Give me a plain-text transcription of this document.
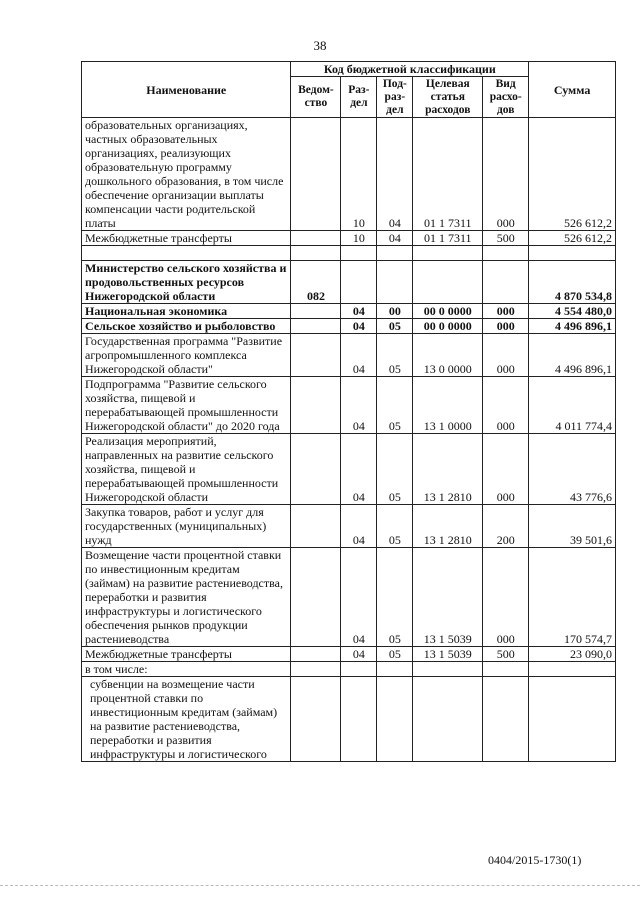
38
Наименование	Код бюджетной классификации					Сумма
	Ведом-ство	Раз-дел	Под-раз-дел	Целевая статья расходов	Вид расхо-дов	
образовательных организациях, частных образовательных организациях, реализующих образовательную программу дошкольного образования, в том числе обеспечение организации выплаты компенсации части родительской платы		10	04	01 1 7311	000	526 612,2
Межбюджетные трансферты		10	04	01 1 7311	500	526 612,2

Министерство сельского хозяйства и продовольственных ресурсов Нижегородской области	082					4 870 534,8
Национальная экономика		04	00	00 0 0000	000	4 554 480,0
Сельское хозяйство и рыболовство		04	05	00 0 0000	000	4 496 896,1
Государственная программа "Развитие агропромышленного комплекса Нижегородской области"		04	05	13 0 0000	000	4 496 896,1
Подпрограмма "Развитие сельского хозяйства, пищевой и перерабатывающей промышленности Нижегородской области" до 2020 года		04	05	13 1 0000	000	4 011 774,4
Реализация мероприятий, направленных на развитие сельского хозяйства, пищевой и перерабатывающей промышленности Нижегородской области		04	05	13 1 2810	000	43 776,6
Закупка товаров, работ и услуг для государственных (муниципальных) нужд		04	05	13 1 2810	200	39 501,6
Возмещение части процентной ставки по инвестиционным кредитам (займам) на развитие растениеводства, переработки и развития инфраструктуры и логистического обеспечения рынков продукции растениеводства		04	05	13 1 5039	000	170 574,7
Межбюджетные трансферты		04	05	13 1 5039	500	23 090,0
в том числе:						
субвенции на возмещение части процентной ставки по инвестиционным кредитам (займам) на развитие растениеводства, переработки и развития инфраструктуры и логистического						
0404/2015-1730(1)
